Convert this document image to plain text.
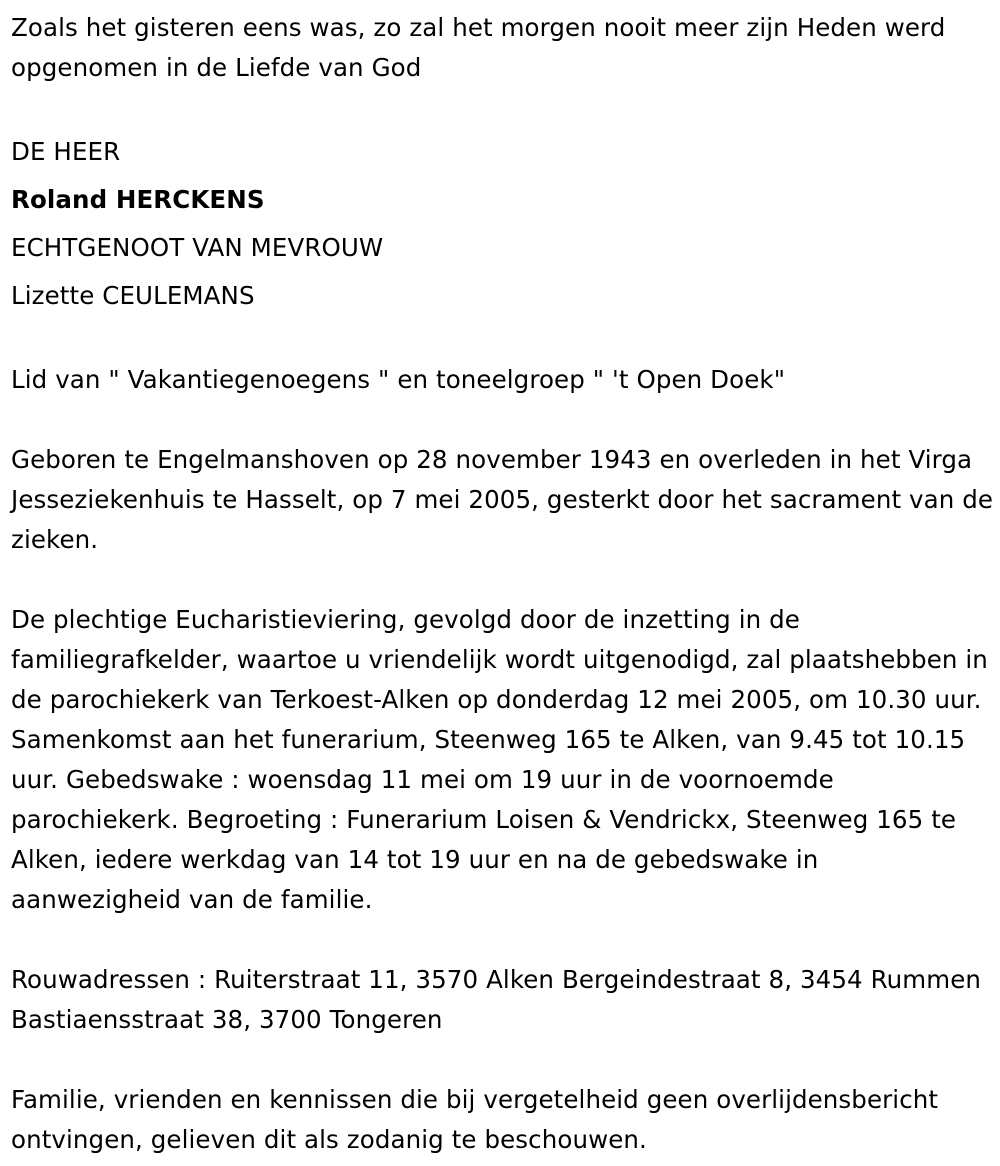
Zoals het gisteren eens was, zo zal het morgen nooit meer zijn Heden werd opgenomen in de Liefde van God

DE HEER

Roland HERCKENS

ECHTGENOOT VAN MEVROUW

Lizette CEULEMANS

Lid van " Vakantiegenoegens " en toneelgroep " 't Open Doek"

Geboren te Engelmanshoven op 28 november 1943 en overleden in het Virga Jesseziekenhuis te Hasselt, op 7 mei 2005, gesterkt door het sacrament van de zieken.

De plechtige Eucharistieviering, gevolgd door de inzetting in de familiegrafkelder, waartoe u vriendelijk wordt uitgenodigd, zal plaatshebben in de parochiekerk van Terkoest-Alken op donderdag 12 mei 2005, om 10.30 uur. Samenkomst aan het funerarium, Steenweg 165 te Alken, van 9.45 tot 10.15 uur. Gebedswake : woensdag 11 mei om 19 uur in de voornoemde parochiekerk. Begroeting : Funerarium Loisen & Vendrickx, Steenweg 165 te Alken, iedere werkdag van 14 tot 19 uur en na de gebedswake in aanwezigheid van de familie.

Rouwadressen : Ruiterstraat 11, 3570 Alken Bergeindestraat 8, 3454 Rummen Bastiaensstraat 38, 3700 Tongeren

Familie, vrienden en kennissen die bij vergetelheid geen overlijdensbericht ontvingen, gelieven dit als zodanig te beschouwen.
